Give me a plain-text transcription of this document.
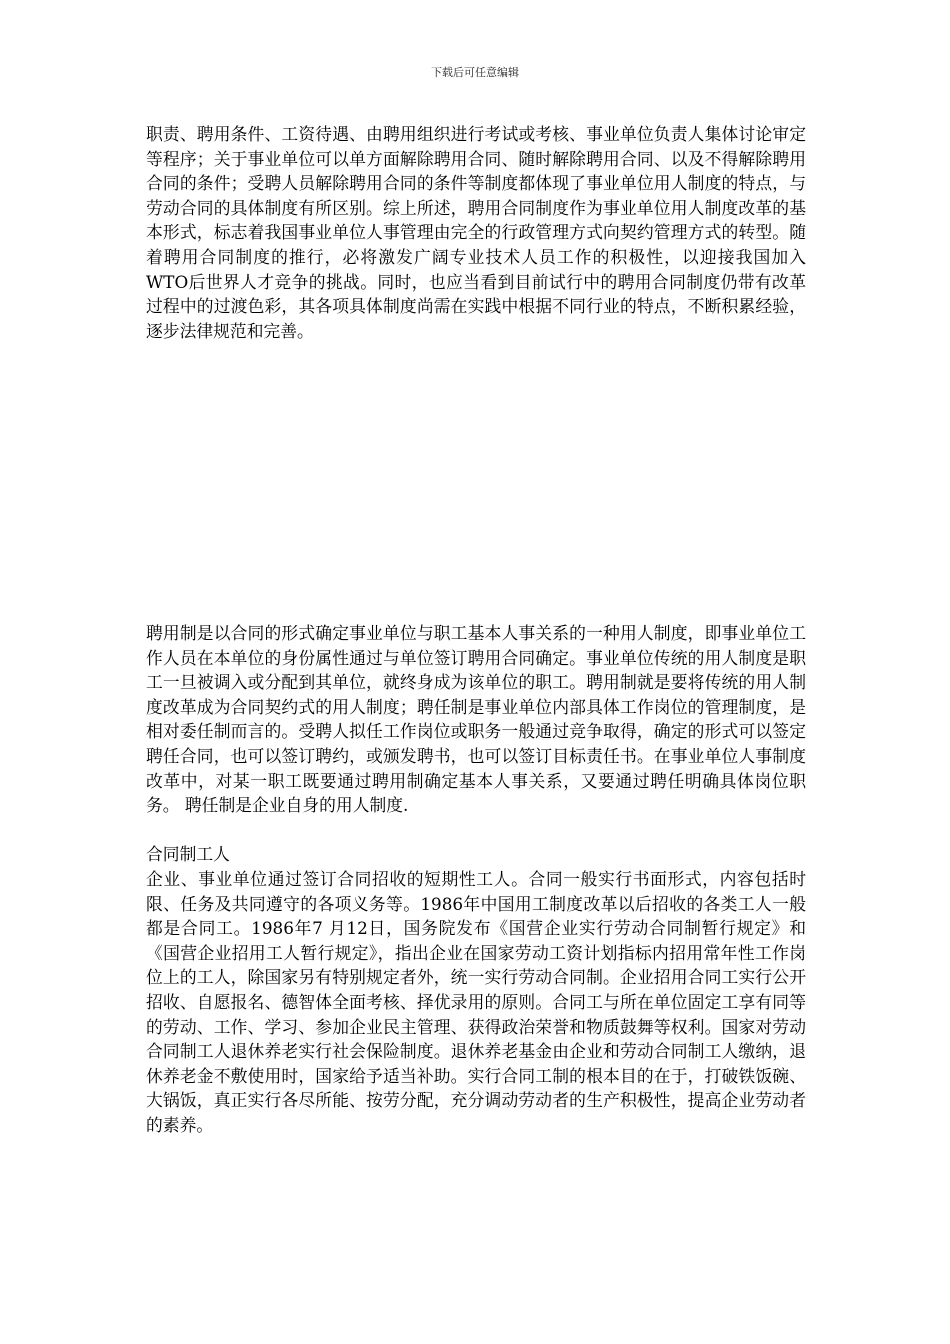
下载后可任意编辑

职责、聘用条件、工资待遇、由聘用组织进行考试或考核、事业单位负责人集体讨论审定等程序；关于事业单位可以单方面解除聘用合同、随时解除聘用合同、以及不得解除聘用合同的条件；受聘人员解除聘用合同的条件等制度都体现了事业单位用人制度的特点，与劳动合同的具体制度有所区别。综上所述，聘用合同制度作为事业单位用人制度改革的基本形式，标志着我国事业单位人事管理由完全的行政管理方式向契约管理方式的转型。随着聘用合同制度的推行，必将激发广阔专业技术人员工作的积极性，以迎接我国加入WTO后世界人才竞争的挑战。同时，也应当看到目前试行中的聘用合同制度仍带有改革过程中的过渡色彩，其各项具体制度尚需在实践中根据不同行业的特点，不断积累经验，逐步法律规范和完善。

聘用制是以合同的形式确定事业单位与职工基本人事关系的一种用人制度，即事业单位工作人员在本单位的身份属性通过与单位签订聘用合同确定。事业单位传统的用人制度是职工一旦被调入或分配到其单位，就终身成为该单位的职工。聘用制就是要将传统的用人制度改革成为合同契约式的用人制度；聘任制是事业单位内部具体工作岗位的管理制度，是相对委任制而言的。受聘人拟任工作岗位或职务一般通过竞争取得，确定的形式可以签定聘任合同，也可以签订聘约，或颁发聘书，也可以签订目标责任书。在事业单位人事制度改革中，对某一职工既要通过聘用制确定基本人事关系，又要通过聘任明确具体岗位职务。 聘任制是企业自身的用人制度.

合同制工人

企业、事业单位通过签订合同招收的短期性工人。合同一般实行书面形式，内容包括时限、任务及共同遵守的各项义务等。1986年中国用工制度改革以后招收的各类工人一般都是合同工。1986年7 月12日，国务院发布《国营企业实行劳动合同制暂行规定》和《国营企业招用工人暂行规定》，指出企业在国家劳动工资计划指标内招用常年性工作岗位上的工人，除国家另有特别规定者外，统一实行劳动合同制。企业招用合同工实行公开招收、自愿报名、德智体全面考核、择优录用的原则。合同工与所在单位固定工享有同等的劳动、工作、学习、参加企业民主管理、获得政治荣誉和物质鼓舞等权利。国家对劳动合同制工人退休养老实行社会保险制度。退休养老基金由企业和劳动合同制工人缴纳，退休养老金不敷使用时，国家给予适当补助。实行合同工制的根本目的在于，打破铁饭碗、大锅饭，真正实行各尽所能、按劳分配，充分调动劳动者的生产积极性，提高企业劳动者的素养。
